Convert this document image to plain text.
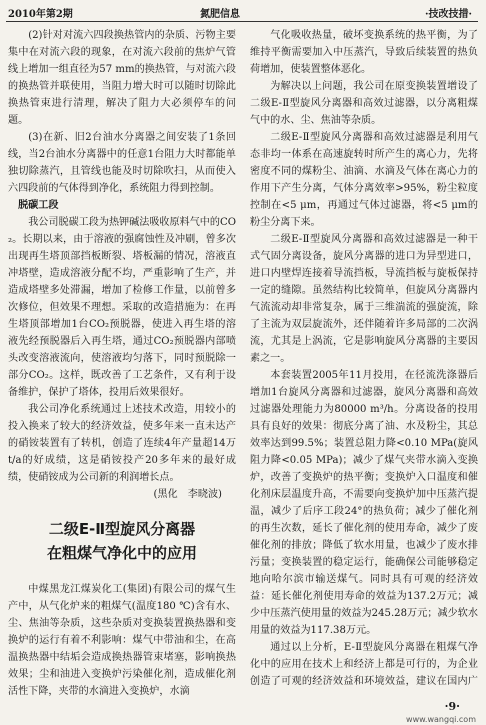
2010年第2期	氮肥信息	·技改技措·

(2)针对对流六四段换热管内的杂质、污物主要集中在对流六段的现象，在对流六段前的焦炉气管线上增加一组直径为57 mm的换热管，与对流六段的换热管并联使用，当阻力增大时可以随时切除此换热管束进行清理，解决了阻力大必须停车的问题。

(3)在新、旧2台油水分离器之间安装了1条回线，当2台油水分离器中的任意1台阻力大时都能单独切除蒸汽，且管线也能及时切除吹扫，从而使入六四段前的气体得到净化，系统阻力得到控制。

脱碳工段

我公司脱碳工段为热钾碱法吸收原料气中的CO₂。长期以来，由于溶液的强腐蚀性及冲刷，曾多次出现再生塔顶部挡板断裂、塔板漏的情况，溶液直冲塔壁，造成溶液分配不均，严重影响了生产，并造成塔壁多处滞漏，增加了检修工作量，以前曾多次修位，但效果不理想。采取的改造措施为：在再生塔顶部增加1台CO₂预脱器，使进入再生塔的溶液先经预脱器后入再生塔，通过CO₂预脱器内部喷头改变溶液流向，使溶液均匀落下，同时预脱除一部分CO₂。这样，既改善了工艺条件，又有利于设备维护，保护了塔体，投用后效果很好。

我公司净化系统通过上述技术改造，用较小的投入换来了较大的经济效益，使多年来一直未达产的硝铵装置有了转机，创造了连续4年产量超14万t/a的好成绩，这是硝铵投产20多年来的最好成绩，使硝铵成为公司新的利润增长点。

(黑化　李晓波)

二级E-Ⅱ型旋风分离器
在粗煤气净化中的应用

中煤黑龙江煤炭化工(集团)有限公司的煤气生产中，从气化炉来的粗煤气(温度180 ℃)含有水、尘、焦油等杂质，这些杂质对变换装置换热器和变换炉的运行有着不利影响：煤气中带油和尘，在高温换热器中结垢会造成换热器管束堵塞，影响换热效果；尘和油进入变换炉污染催化剂，造成催化剂活性下降，夹带的水滴进入变换炉，水滴

气化吸收热量，破坏变换系统的热平衡，为了维持平衡需要加入中压蒸汽，导致后续装置的热负荷增加，使装置整体恶化。

为解决以上问题，我公司在原变换装置增设了二级E-Ⅱ型旋风分离器和高效过滤器，以分离粗煤气中的水、尘、焦油等杂质。

二级E-Ⅱ型旋风分离器和高效过滤器是利用气态非均一体系在高速旋转时所产生的离心力，先将密度不同的煤粉尘、油滴、水滴及气体在离心力的作用下产生分离，气体分离效率>95%，粉尘粒度控制在<5 μm，再通过气体过滤器，将<5 μm的粉尘分离下来。

二级E-Ⅱ型旋风分离器和高效过滤器是一种干式气固分离设备，旋风分离器的进口为异型进口，进口内壁焊连接着导流挡板，导流挡板与旋板保持一定的缝隙。虽然结构比较简单，但旋风分离器内气流流动却非常复杂，属于三维湍流的强旋流，除了主流为双层旋流外，还伴随着许多局部的二次涡流，尤其是上涡流，它是影响旋风分离器的主要因素之一。

本套装置2005年11月投用，在径流洗涤器后增加1台旋风分离器和过滤器，旋风分离器和高效过滤器处理能力为80000 m³/h。分离设备的投用具有良好的效果：彻底分离了油、水及粉尘，其总效率达到99.5%；装置总阻力降<0.10 MPa(旋风阻力降<0.05 MPa)；减少了煤气夹带水滴入变换炉，改善了变换炉的热平衡；变换炉入口温度和催化剂床层温度升高，不需要向变换炉加中压蒸汽提温，减少了后序工段24°的热负荷；减少了催化剂的再生次数，延长了催化剂的使用寿命，减少了废催化剂的排放；降低了软水用量，也减少了废水排污量；变换装置的稳定运行，能确保公司能够稳定地向哈尔滨市输送煤气。同时具有可观的经济效益：延长催化剂使用寿命的效益为137.2万元；减少中压蒸汽使用量的效益为245.28万元；减少软水用量的效益为117.38万元。

通过以上分析，E-Ⅱ型旋风分离器在粗煤气净化中的应用在技术上和经济上都是可行的，为企业创造了可观的经济效益和环境效益，建议在国内广

·9·
www.wangqi.com
